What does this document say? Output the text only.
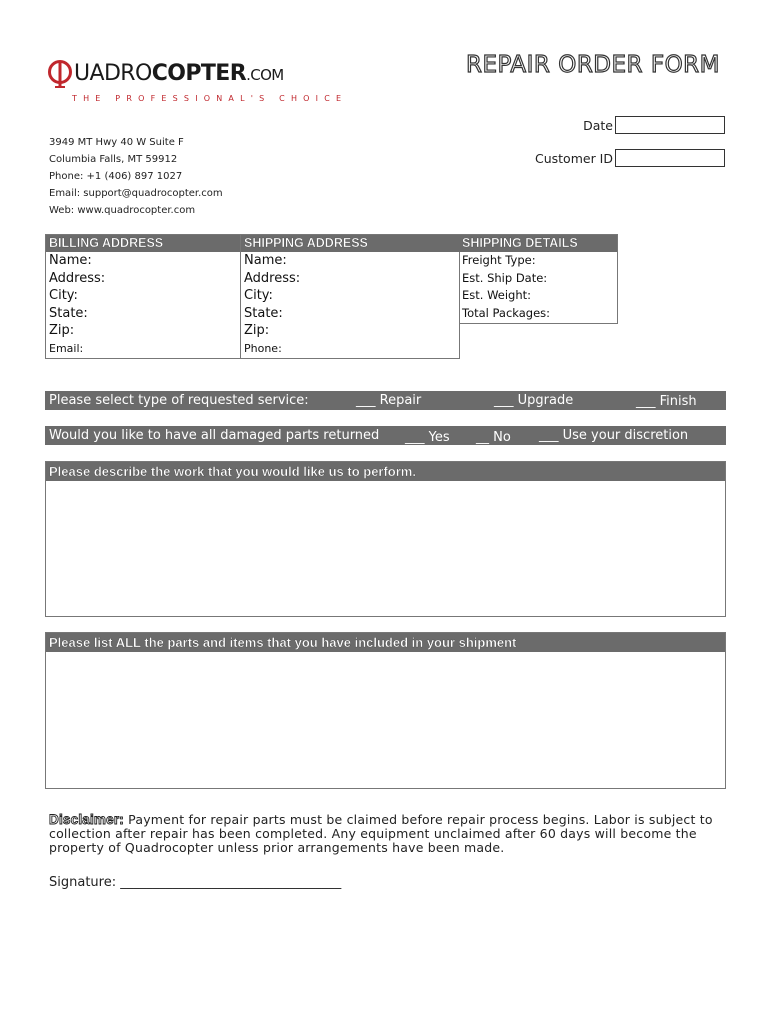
UADROCOPTER.COM
THE PROFESSIONAL'S CHOICE
REPAIR ORDER FORM
Date
Customer ID
3949 MT Hwy 40 W Suite F
Columbia Falls, MT 59912
Phone: +1 (406) 897 1027
Email: support@quadrocopter.com
Web: www.quadrocopter.com
BILLING ADDRESS
Name:
Address:
City:
State:
Zip:
Email:
SHIPPING ADDRESS
Name:
Address:
City:
State:
Zip:
Phone:
SHIPPING DETAILS
Freight Type:
Est. Ship Date:
Est. Weight:
Total Packages:
Please select type of requested service:	___ Repair	___ Upgrade	___ Finish
Would you like to have all damaged parts returned ___ Yes __ No ___ Use your discretion
Please describe the work that you would like us to perform.
Please list ALL the parts and items that you have included in your shipment
Disclaimer: Payment for repair parts must be claimed before repair process begins. Labor is subject to collection after repair has been completed. Any equipment unclaimed after 60 days will become the property of Quadrocopter unless prior arrangements have been made.
Signature: __________________________________
